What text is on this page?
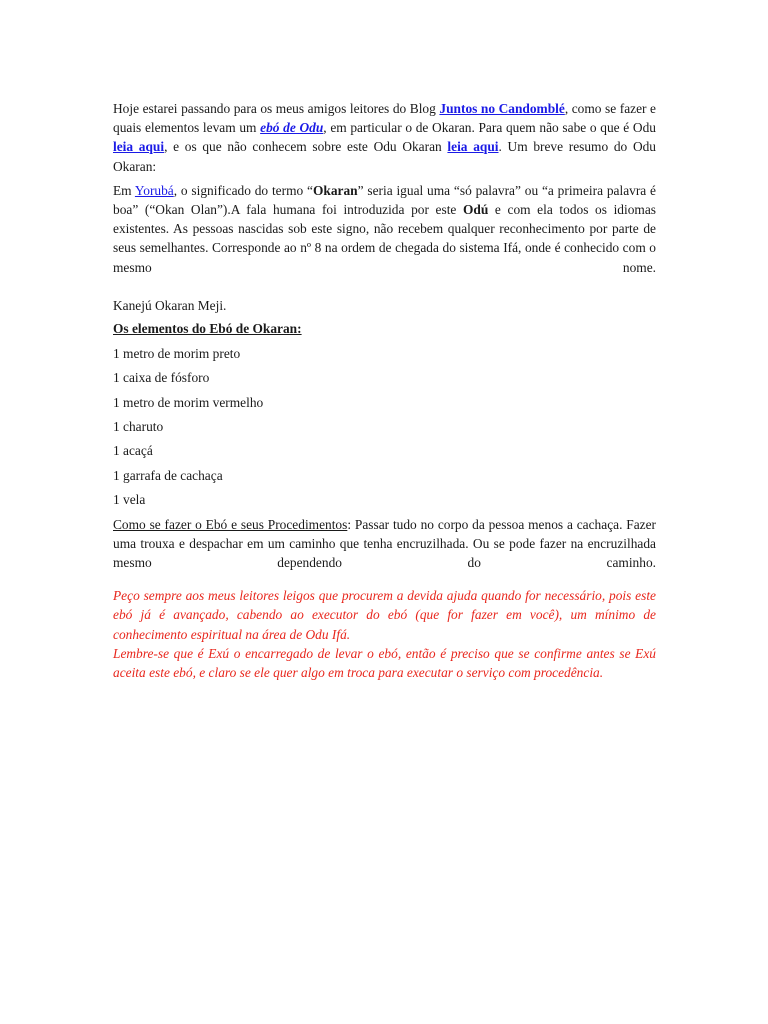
Hoje estarei passando para os meus amigos leitores do Blog Juntos no Candomblé, como se fazer e quais elementos levam um ebó de Odu, em particular o de Okaran. Para quem não sabe o que é Odu leia aqui, e os que não conhecem sobre este Odu Okaran leia aqui. Um breve resumo do Odu Okaran:

Em Yorubá, o significado do termo “Okaran” seria igual uma “só palavra” ou “a primeira palavra é boa” (“Okan Olan”).A fala humana foi introduzida por este Odú e com ela todos os idiomas existentes. As pessoas nascidas sob este signo, não recebem qualquer reconhecimento por parte de seus semelhantes. Corresponde ao nº 8 na ordem de chegada do sistema Ifá, onde é conhecido com o mesmo nome.

Kanejú Okaran Meji.

Os elementos do Ebó de Okaran:

1 metro de morim preto
1 caixa de fósforo
1 metro de morim vermelho
1 charuto
1 acaçá
1 garrafa de cachaça
1 vela

Como se fazer o Ebó e seus Procedimentos: Passar tudo no corpo da pessoa menos a cachaça. Fazer uma trouxa e despachar em um caminho que tenha encruzilhada. Ou se pode fazer na encruzilhada mesmo dependendo do caminho.

Peço sempre aos meus leitores leigos que procurem a devida ajuda quando for necessário, pois este ebó já é avançado, cabendo ao executor do ebó (que for fazer em você), um mínimo de conhecimento espiritual na área de Odu Ifá.

Lembre-se que é Exú o encarregado de levar o ebó, então é preciso que se confirme antes se Exú aceita este ebó, e claro se ele quer algo em troca para executar o serviço com procedência.
